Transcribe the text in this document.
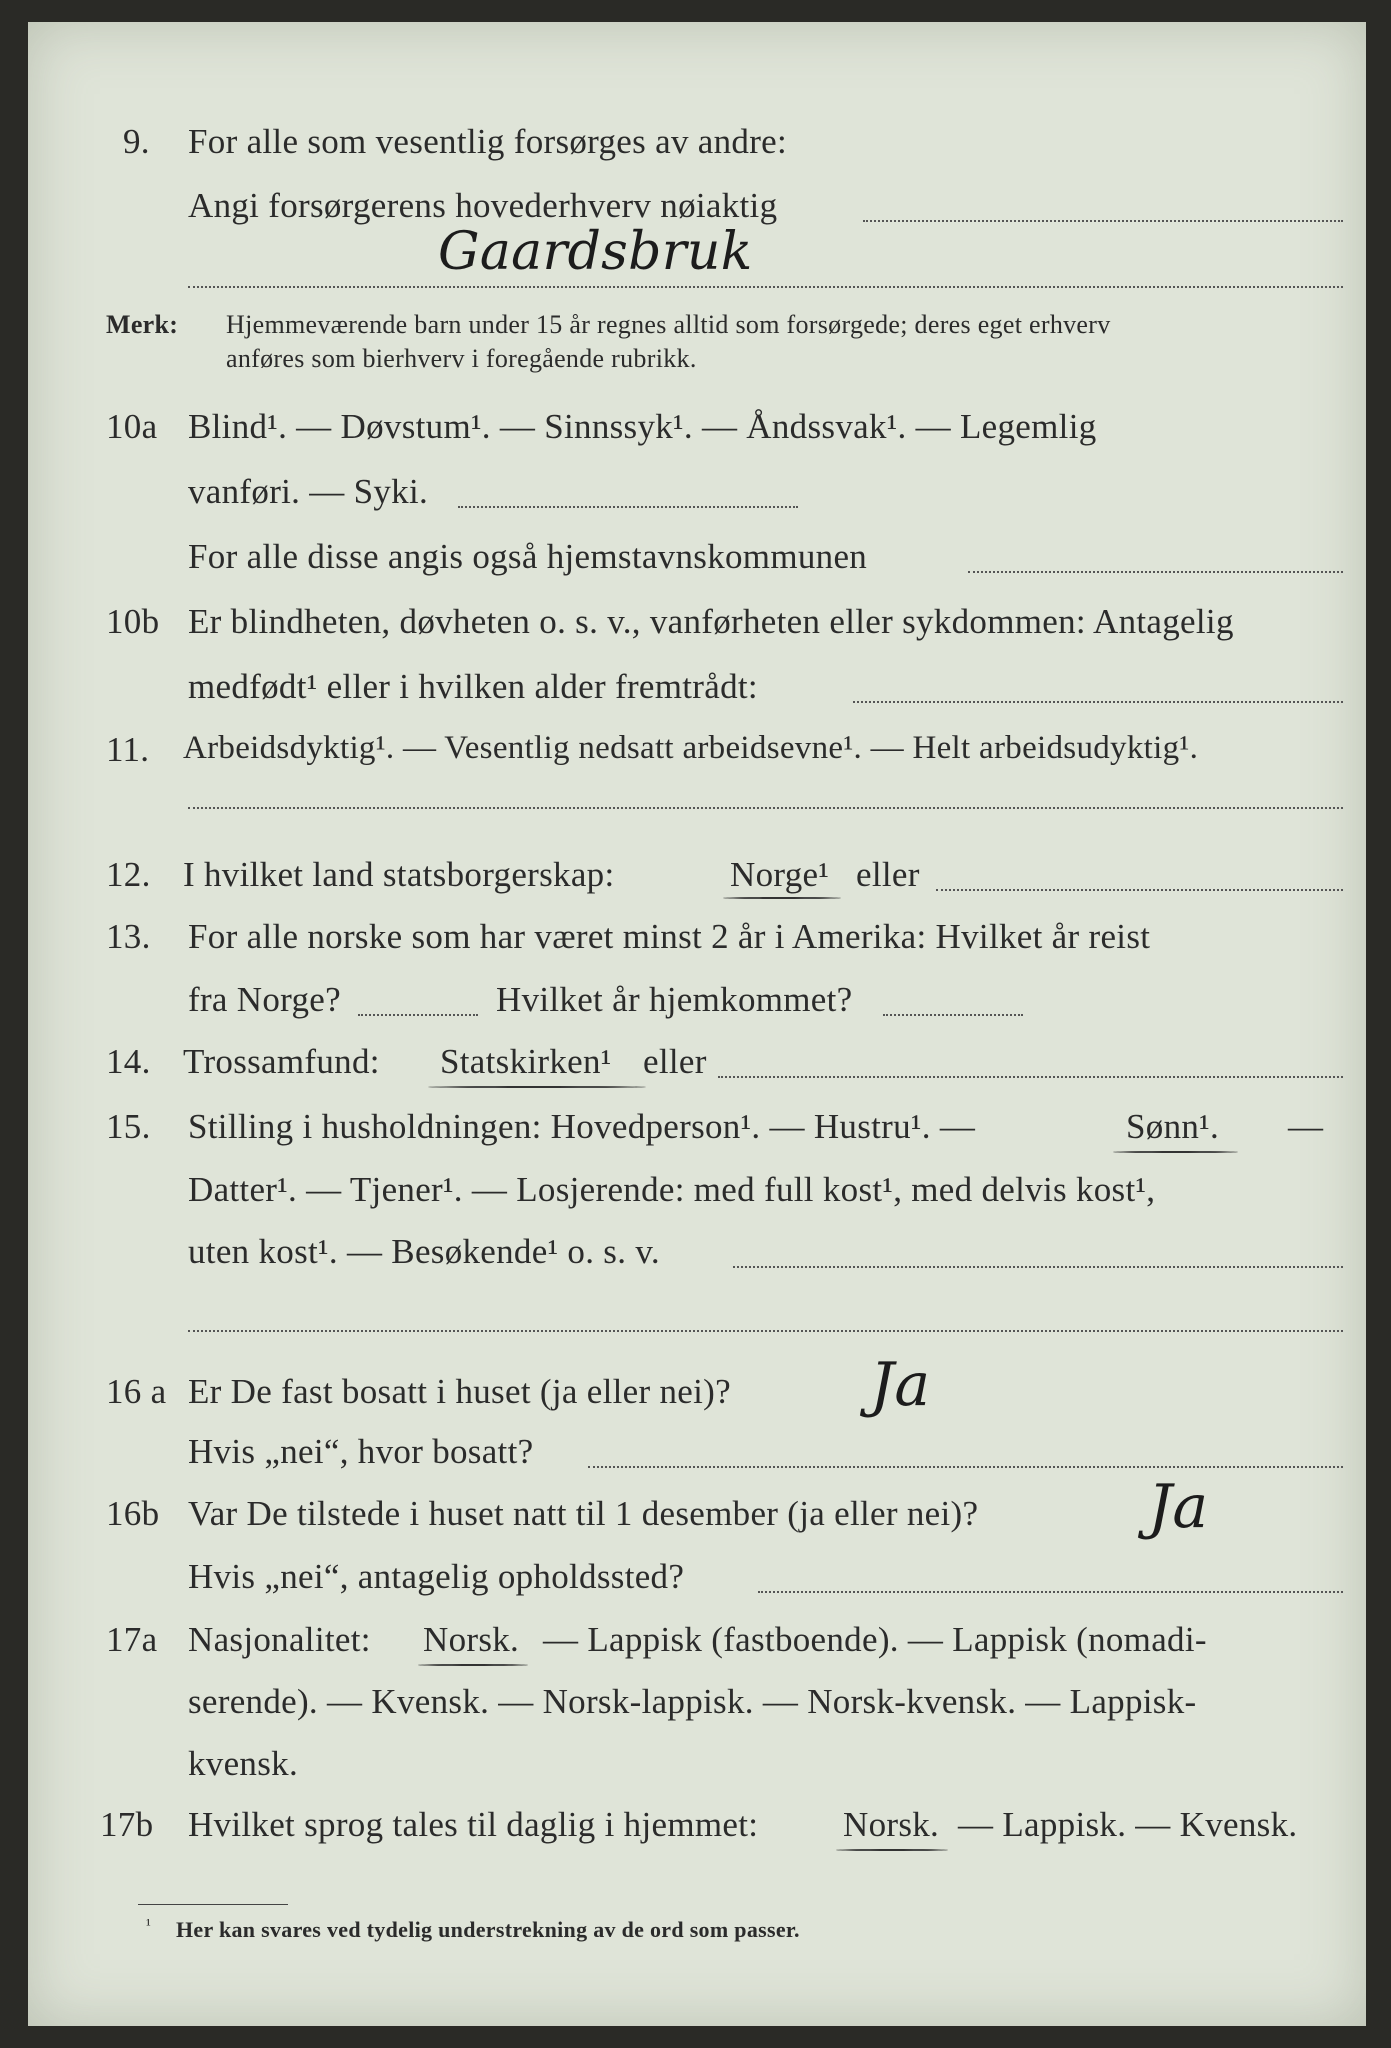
9. For alle som vesentlig forsørges av andre:
Angi forsørgerens hovederhverv nøiaktig
Gaardsbruk
Merk: Hjemmeværende barn under 15 år regnes alltid som forsørgede; deres eget erhverv
anføres som bierhverv i foregående rubrikk.
10a Blind¹. — Døvstum¹. — Sinnssyk¹. — Åndssvak¹. — Legemlig
vanføri. — Syki.
For alle disse angis også hjemstavnskommunen
10b Er blindheten, døvheten o. s. v., vanførheten eller sykdommen: Antagelig
medfødt¹ eller i hvilken alder fremtrådt:
11. Arbeidsdyktig¹. — Vesentlig nedsatt arbeidsevne¹. — Helt arbeidsudyktig¹.
12. I hvilket land statsborgerskap:	Norge¹ eller
13. For alle norske som har været minst 2 år i Amerika: Hvilket år reist
fra Norge?	Hvilket år hjemkommet?
14. Trossamfund: Statskirken¹ eller
15. Stilling i husholdningen: Hovedperson¹. — Hustru¹. —	Sønn¹. —
Datter¹. — Tjener¹. — Losjerende: med full kost¹, med delvis kost¹,
uten kost¹. — Besøkende¹ o. s. v.
16 a Er De fast bosatt i huset (ja eller nei)? Ja
Hvis „nei“, hvor bosatt?
16b Var De tilstede i huset natt til 1 desember (ja eller nei)?	Ja
Hvis „nei“, antagelig opholdssted?
17a Nasjonalitet: Norsk. — Lappisk (fastboende). — Lappisk (nomadi-
serende). — Kvensk. — Norsk-lappisk. — Norsk-kvensk. — Lappisk-
kvensk.
17b Hvilket sprog tales til daglig i hjemmet: Norsk. — Lappisk. — Kvensk.
¹ Her kan svares ved tydelig understrekning av de ord som passer.
